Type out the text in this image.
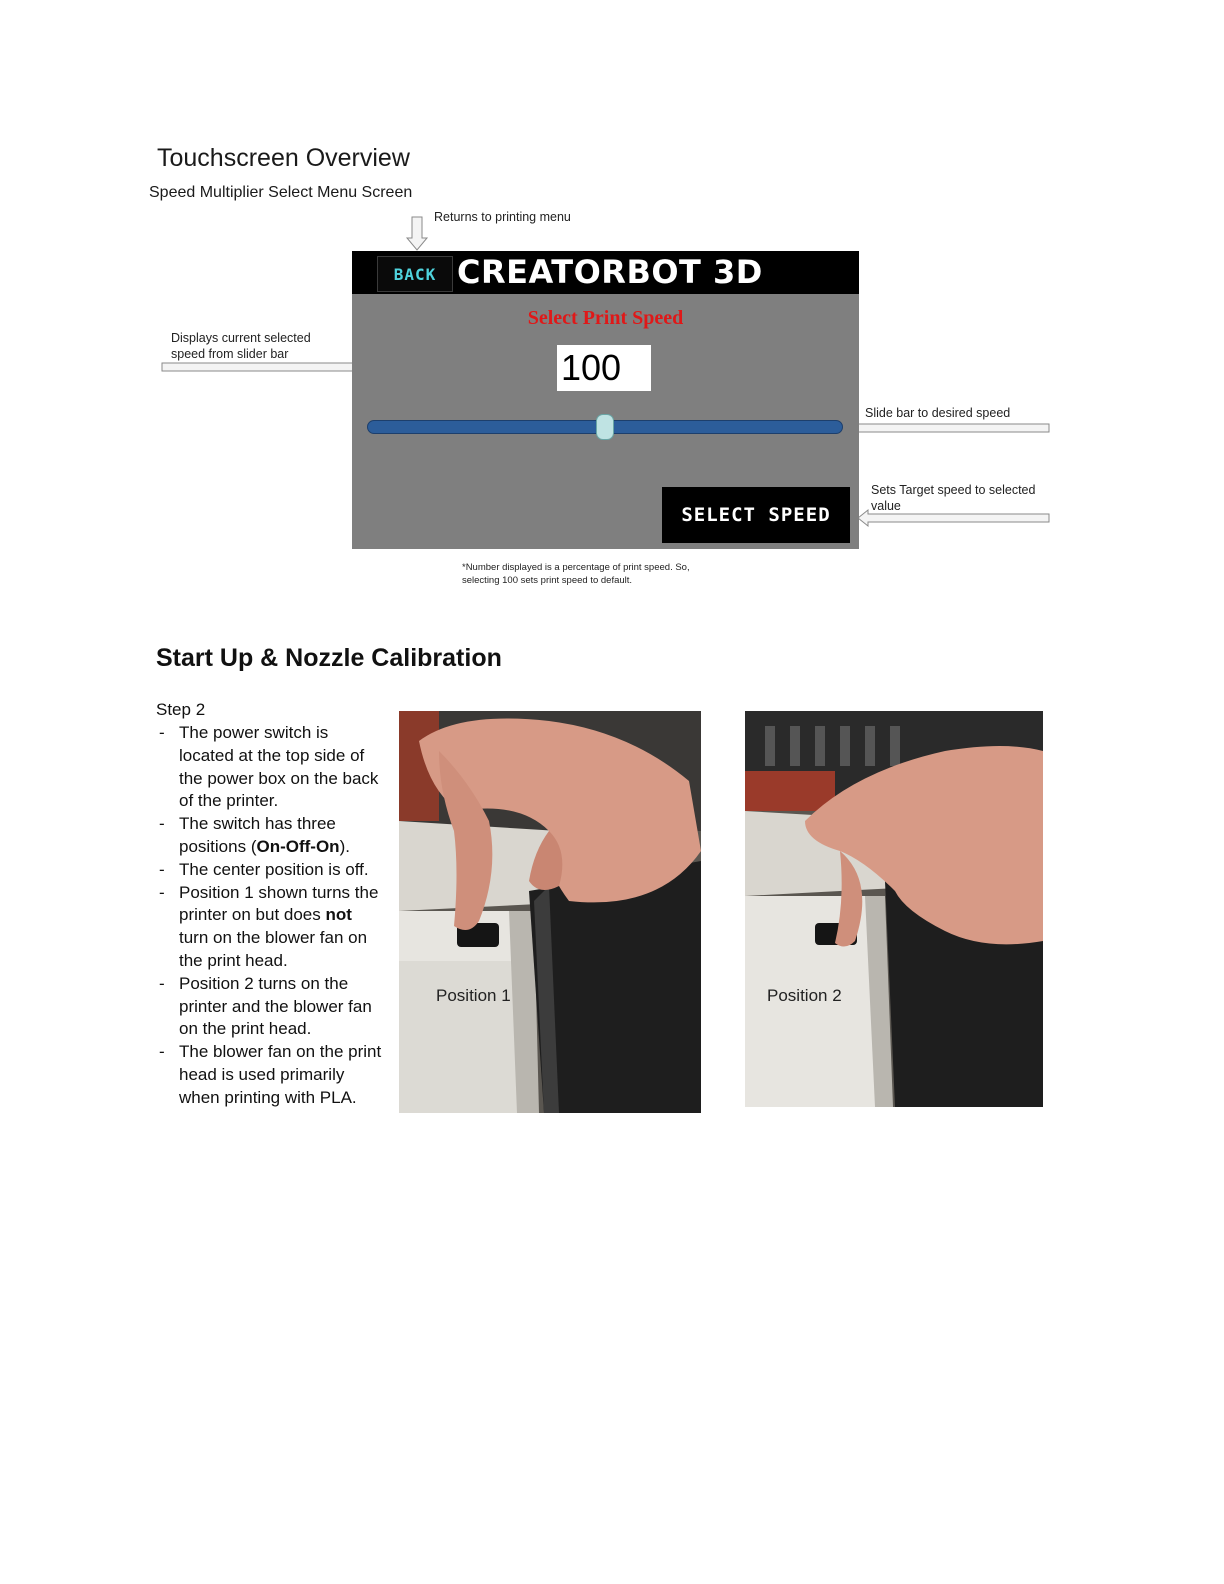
Touchscreen Overview
Speed Multiplier Select Menu Screen
Returns to printing menu
Displays current selected
speed from slider bar
Slide bar to desired speed
Sets Target speed to selected
value
BACK CREATORBOT 3D
Select Print Speed
100
SELECT SPEED
*Number displayed is a percentage of print speed. So,
selecting 100 sets print speed to default.
Start Up & Nozzle Calibration
Step 2
- The power switch is located at the top side of the power box on the back of the printer.
- The switch has three positions (On-Off-On).
- The center position is off.
- Position 1 shown turns the printer on but does not turn on the blower fan on the print head.
- Position 2 turns on the printer and the blower fan on the print head.
- The blower fan on the print head is used primarily when printing with PLA.
Position 1	Position 2
